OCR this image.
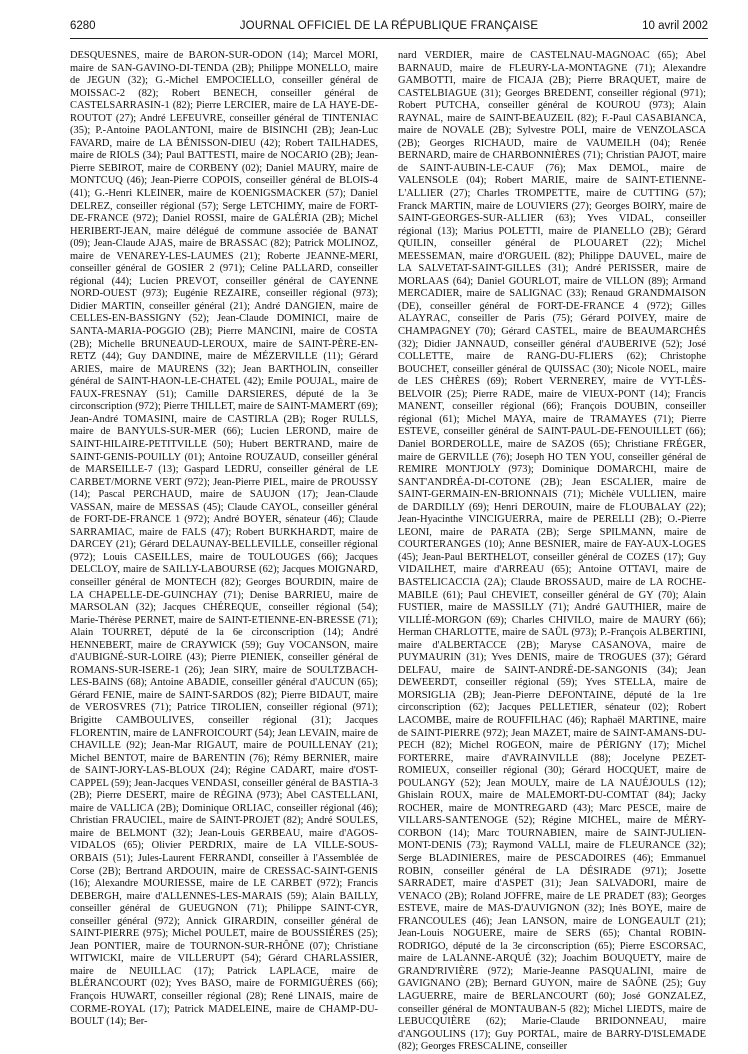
6280	JOURNAL OFFICIEL DE LA RÉPUBLIQUE FRANÇAISE	10 avril 2002
DESQUESNES, maire de BARON-SUR-ODON (14); Marcel MORI, maire de SAN-GAVINO-DI-TENDA (2B); Philippe MONELLO, maire de JEGUN (32); G.-Michel EMPOCIELLO, conseiller général de MOISSAC-2 (82); Robert BENECH, conseiller général de CASTELSARRASIN-1 (82); Pierre LERCIER, maire de LA HAYE-DE-ROUTOT (27); André LEFEUVRE, conseiller général de TINTENIAC (35); P.-Antoine PAOLANTONI, maire de BISINCHI (2B); Jean-Luc FAVARD, maire de LA BÉNISSON-DIEU (42); Robert TAILHADES, maire de RIOLS (34); Paul BATTESTI, maire de NOCARIO (2B); Jean-Pierre SEBIROT, maire de CORBENY (02); Daniel MAURY, maire de MONTCUQ (46); Jean-Pierre COPOIS, conseiller général de BLOIS-4 (41); G.-Henri KLEINER, maire de KOENIGSMACKER (57); Daniel DELREZ, conseiller régional (57); Serge LETCHIMY, maire de FORT-DE-FRANCE (972); Daniel ROSSI, maire de GALÉRIA (2B); Michel HERIBERT-JEAN, maire délégué de commune associée de BANAT (09); Jean-Claude AJAS, maire de BRASSAC (82); Patrick MOLINOZ, maire de VENAREY-LES-LAUMES (21); Roberte JEANNE-MERI, conseiller général de GOSIER 2 (971); Celine PALLARD, conseiller régional (44); Lucien PREVOT, conseiller général de CAYENNE NORD-OUEST (973); Eugénie REZAIRE, conseiller régional (973); Didier MARTIN, conseiller général (21); André DANGIEN, maire de CELLES-EN-BASSIGNY (52); Jean-Claude DOMINICI, maire de SANTA-MARIA-POGGIO (2B); Pierre MANCINI, maire de COSTA (2B); Michelle BRUNEAUD-LEROUX, maire de SAINT-PÈRE-EN-RETZ (44); Guy DANDINE, maire de MÉZERVILLE (11); Gérard ARIES, maire de MAURENS (32); Jean BARTHOLIN, conseiller général de SAINT-HAON-LE-CHATEL (42); Emile POUJAL, maire de FAUX-FRESNAY (51); Camille DARSIERES, député de la 3e circonscription (972); Pierre THILLET, maire de SAINT-MAMERT (69); Jean-André TOMASINI, maire de CASTIRLA (2B); Roger RULLS, maire de BANYULS-SUR-MER (66); Lucien LEROND, maire de SAINT-HILAIRE-PETITVILLE (50); Hubert BERTRAND, maire de SAINT-GENIS-POUILLY (01); Antoine ROUZAUD, conseiller général de MARSEILLE-7 (13); Gaspard LEDRU, conseiller général de LE CARBET/MORNE VERT (972); Jean-Pierre PIEL, maire de PROUSSY (14); Pascal PERCHAUD, maire de SAUJON (17); Jean-Claude VASSAN, maire de MESSAS (45); Claude CAYOL, conseiller général de FORT-DE-FRANCE 1 (972); André BOYER, sénateur (46); Claude SARRAMIAC, maire de FALS (47); Robert BURKHARDT, maire de DARCEY (21); Gérard DELAUNAY-BELLEVILLE, conseiller régional (972); Louis CASEILLES, maire de TOULOUGES (66); Jacques DELCLOY, maire de SAILLY-LABOURSE (62); Jacques MOIGNARD, conseiller général de MONTECH (82); Georges BOURDIN, maire de LA CHAPELLE-DE-GUINCHAY (71); Denise BARRIEU, maire de MARSOLAN (32); Jacques CHÉREQUE, conseiller régional (54); Marie-Thérèse PERNET, maire de SAINT-ETIENNE-EN-BRESSE (71); Alain TOURRET, député de la 6e circonscription (14); André HENNEBERT, maire de CRAYWICK (59); Guy VOCANSON, maire d'AUBIGNÉ-SUR-LOIRE (43); Pierre PIENIEK, conseiller général de ROMANS-SUR-ISERE-1 (26); Jean SIRY, maire de SOULTZBACH-LES-BAINS (68); Antoine ABADIE, conseiller général d'AUCUN (65); Gérard FENIE, maire de SAINT-SARDOS (82); Pierre BIDAUT, maire de VEROSVRES (71); Patrice TIROLIEN, conseiller régional (971); Brigitte CAMBOULIVES, conseiller régional (31); Jacques FLORENTIN, maire de LANFROICOURT (54); Jean LEVAIN, maire de CHAVILLE (92); Jean-Mar RIGAUT, maire de POUILLENAY (21); Michel BENTOT, maire de BARENTIN (76); Rémy BERNIER, maire de SAINT-JORY-LAS-BLOUX (24); Régine CADART, maire d'OST-CAPPEL (59); Jean-Jacques VENDASI, conseiller général de BASTIA-3 (2B); Pierre DESERT, maire de RÉGINA (973); Abel CASTELLANI, maire de VALLICA (2B); Dominique ORLIAC, conseiller régional (46); Christian FRAUCIEL, maire de SAINT-PROJET (82); André SOULES, maire de BELMONT (32); Jean-Louis GERBEAU, maire d'AGOS-VIDALOS (65); Olivier PERDRIX, maire de LA VILLE-SOUS-ORBAIS (51); Jules-Laurent FERRANDI, conseiller à l'Assemblée de Corse (2B); Bertrand ARDOUIN, maire de CRESSAC-SAINT-GENIS (16); Alexandre MOURIESSE, maire de LE CARBET (972); Francis DEBERGH, maire d'ALLENNES-LES-MARAIS (59); Alain BAILLY, conseiller général de GUEUGNON (71); Philippe SAINT-CYR, conseiller général (972); Annick GIRARDIN, conseiller général de SAINT-PIERRE (975); Michel POULET, maire de BOUSSIÈRES (25); Jean PONTIER, maire de TOURNON-SUR-RHÔNE (07); Christiane WITWICKI, maire de VILLERUPT (54); Gérard CHARLASSIER, maire de NEUILLAC (17); Patrick LAPLACE, maire de BLÉRANCOURT (02); Yves BASO, maire de FORMIGUÈRES (66); François HUWART, conseiller régional (28); René LINAIS, maire de CORME-ROYAL (17); Patrick MADELEINE, maire de CHAMP-DU-BOULT (14); Ber-
nard VERDIER, maire de CASTELNAU-MAGNOAC (65); Abel BARNAUD, maire de FLEURY-LA-MONTAGNE (71); Alexandre GAMBOTTI, maire de FICAJA (2B); Pierre BRAQUET, maire de CASTELBIAGUE (31); Georges BREDENT, conseiller régional (971); Robert PUTCHA, conseiller général de KOUROU (973); Alain RAYNAL, maire de SAINT-BEAUZEIL (82); F.-Paul CASABIANCA, maire de NOVALE (2B); Sylvestre POLI, maire de VENZOLASCA (2B); Georges RICHAUD, maire de VAUMEILH (04); Renée BERNARD, maire de CHARBONNIÈRES (71); Christian PAJOT, maire de SAINT-AUBIN-LE-CAUF (76); Max DEMOL, maire de VALENSOLE (04); Robert MARIE, maire de SAINT-ETIENNE-L'ALLIER (27); Charles TROMPETTE, maire de CUTTING (57); Franck MARTIN, maire de LOUVIERS (27); Georges BOIRY, maire de SAINT-GEORGES-SUR-ALLIER (63); Yves VIDAL, conseiller régional (13); Marius POLETTI, maire de PIANELLO (2B); Gérard QUILIN, conseiller général de PLOUARET (22); Michel MEESSEMAN, maire d'ORGUEIL (82); Philippe DAUVEL, maire de LA SALVETAT-SAINT-GILLES (31); André PERISSER, maire de MORLAAS (64); Daniel GOURLOT, maire de VILLON (89); Armand MERCADIER, maire de SALIGNAC (33); Renaud GRANDMAISON (DE), conseiller général de FORT-DE-FRANCE 4 (972); Gilles ALAYRAC, conseiller de Paris (75); Gérard POIVEY, maire de CHAMPAGNEY (70); Gérard CASTEL, maire de BEAUMARCHÉS (32); Didier JANNAUD, conseiller général d'AUBERIVE (52); José COLLETTE, maire de RANG-DU-FLIERS (62); Christophe BOUCHET, conseiller général de QUISSAC (30); Nicole NOEL, maire de LES CHÈRES (69); Robert VERNEREY, maire de VYT-LÈS-BELVOIR (25); Pierre RADE, maire de VIEUX-PONT (14); Francis MANENT, conseiller régional (66); François DOUBIN, conseiller régional (61); Michel MAYA, maire de TRAMAYES (71); Pierre ESTEVE, conseiller général de SAINT-PAUL-DE-FENOUILLET (66); Daniel BORDEROLLE, maire de SAZOS (65); Christiane FRÉGER, maire de GERVILLE (76); Joseph HO TEN YOU, conseiller général de REMIRE MONTJOLY (973); Dominique DOMARCHI, maire de SANT'ANDRÉA-DI-COTONE (2B); Jean ESCALIER, maire de SAINT-GERMAIN-EN-BRIONNAIS (71); Michèle VULLIEN, maire de DARDILLY (69); Henri DEROUIN, maire de FLOUBALAY (22); Jean-Hyacinthe VINCIGUERRA, maire de PERELLI (2B); O.-Pierre LEONI, maire de PARATA (2B); Serge SPILMANN, maire de COURTERANGES (10); Anne BESNIER, maire de FAY-AUX-LOGES (45); Jean-Paul BERTHELOT, conseiller général de COZES (17); Guy VIDAILHET, maire d'ARREAU (65); Antoine OTTAVI, maire de BASTELICACCIA (2A); Claude BROSSAUD, maire de LA ROCHE-MABILE (61); Paul CHEVIET, conseiller général de GY (70); Alain FUSTIER, maire de MASSILLY (71); André GAUTHIER, maire de VILLIÉ-MORGON (69); Charles CHIVILO, maire de MAURY (66); Herman CHARLOTTE, maire de SAÜL (973); P.-François ALBERTINI, maire d'ALBERTACCE (2B); Maryse CASANOVA, maire de PUYMAURIN (31); Yves DENIS, maire de TROGUES (37); Gérard DELFAU, maire de SAINT-ANDRÉ-DE-SANGONIS (34); Jean DEWEERDT, conseiller régional (59); Yves STELLA, maire de MORSIGLIA (2B); Jean-Pierre DEFONTAINE, député de la 1re circonscription (62); Jacques PELLETIER, sénateur (02); Robert LACOMBE, maire de ROUFFILHAC (46); Raphaël MARTINE, maire de SAINT-PIERRE (972); Jean MAZET, maire de SAINT-AMANS-DU-PECH (82); Michel ROGEON, maire de PÉRIGNY (17); Michel FORTERRE, maire d'AVRAINVILLE (88); Jocelyne PEZET-ROMIEUX, conseiller régional (30); Gérard HOCQUET, maire de POULANGY (52); Jean MOULY, maire de LA NAUÉJOULS (12); Ghislain ROUX, maire de MALEMORT-DU-COMTAT (84); Jacky ROCHER, maire de MONTREGARD (43); Marc PESCE, maire de VILLARS-SANTENOGE (52); Régine MICHEL, maire de MÉRY-CORBON (14); Marc TOURNABIEN, maire de SAINT-JULIEN-MONT-DENIS (73); Raymond VALLI, maire de FLEURANCE (32); Serge BLADINIERES, maire de PESCADOIRES (46); Emmanuel ROBIN, conseiller général de LA DÉSIRADE (971); Josette SARRADET, maire d'ASPET (31); Jean SALVADORI, maire de VENACO (2B); Roland JOFFRE, maire de LE PRADET (83); Georges ESTEVE, maire de MAS-D'AUVIGNON (32); Inès BOYE, maire de FRANCOULES (46); Jean LANSON, maire de LONGEAULT (21); Jean-Louis NOGUERE, maire de SERS (65); Chantal ROBIN-RODRIGO, député de la 3e circonscription (65); Pierre ESCORSAC, maire de LALANNE-ARQUÉ (32); Joachim BOUQUETY, maire de GRAND'RIVIÈRE (972); Marie-Jeanne PASQUALINI, maire de GAVIGNANO (2B); Bernard GUYON, maire de SAÔNE (25); Guy LAGUERRE, maire de BERLANCOURT (60); José GONZALEZ, conseiller général de MONTAUBAN-5 (82); Michel LIEDTS, maire de LEBUCQUIÈRE (62); Marie-Claude BRIDONNEAU, maire d'ANGOULINS (17); Guy PORTAL, maire de BARRY-D'ISLEMADE (82); Georges FRESCALINE, conseiller
